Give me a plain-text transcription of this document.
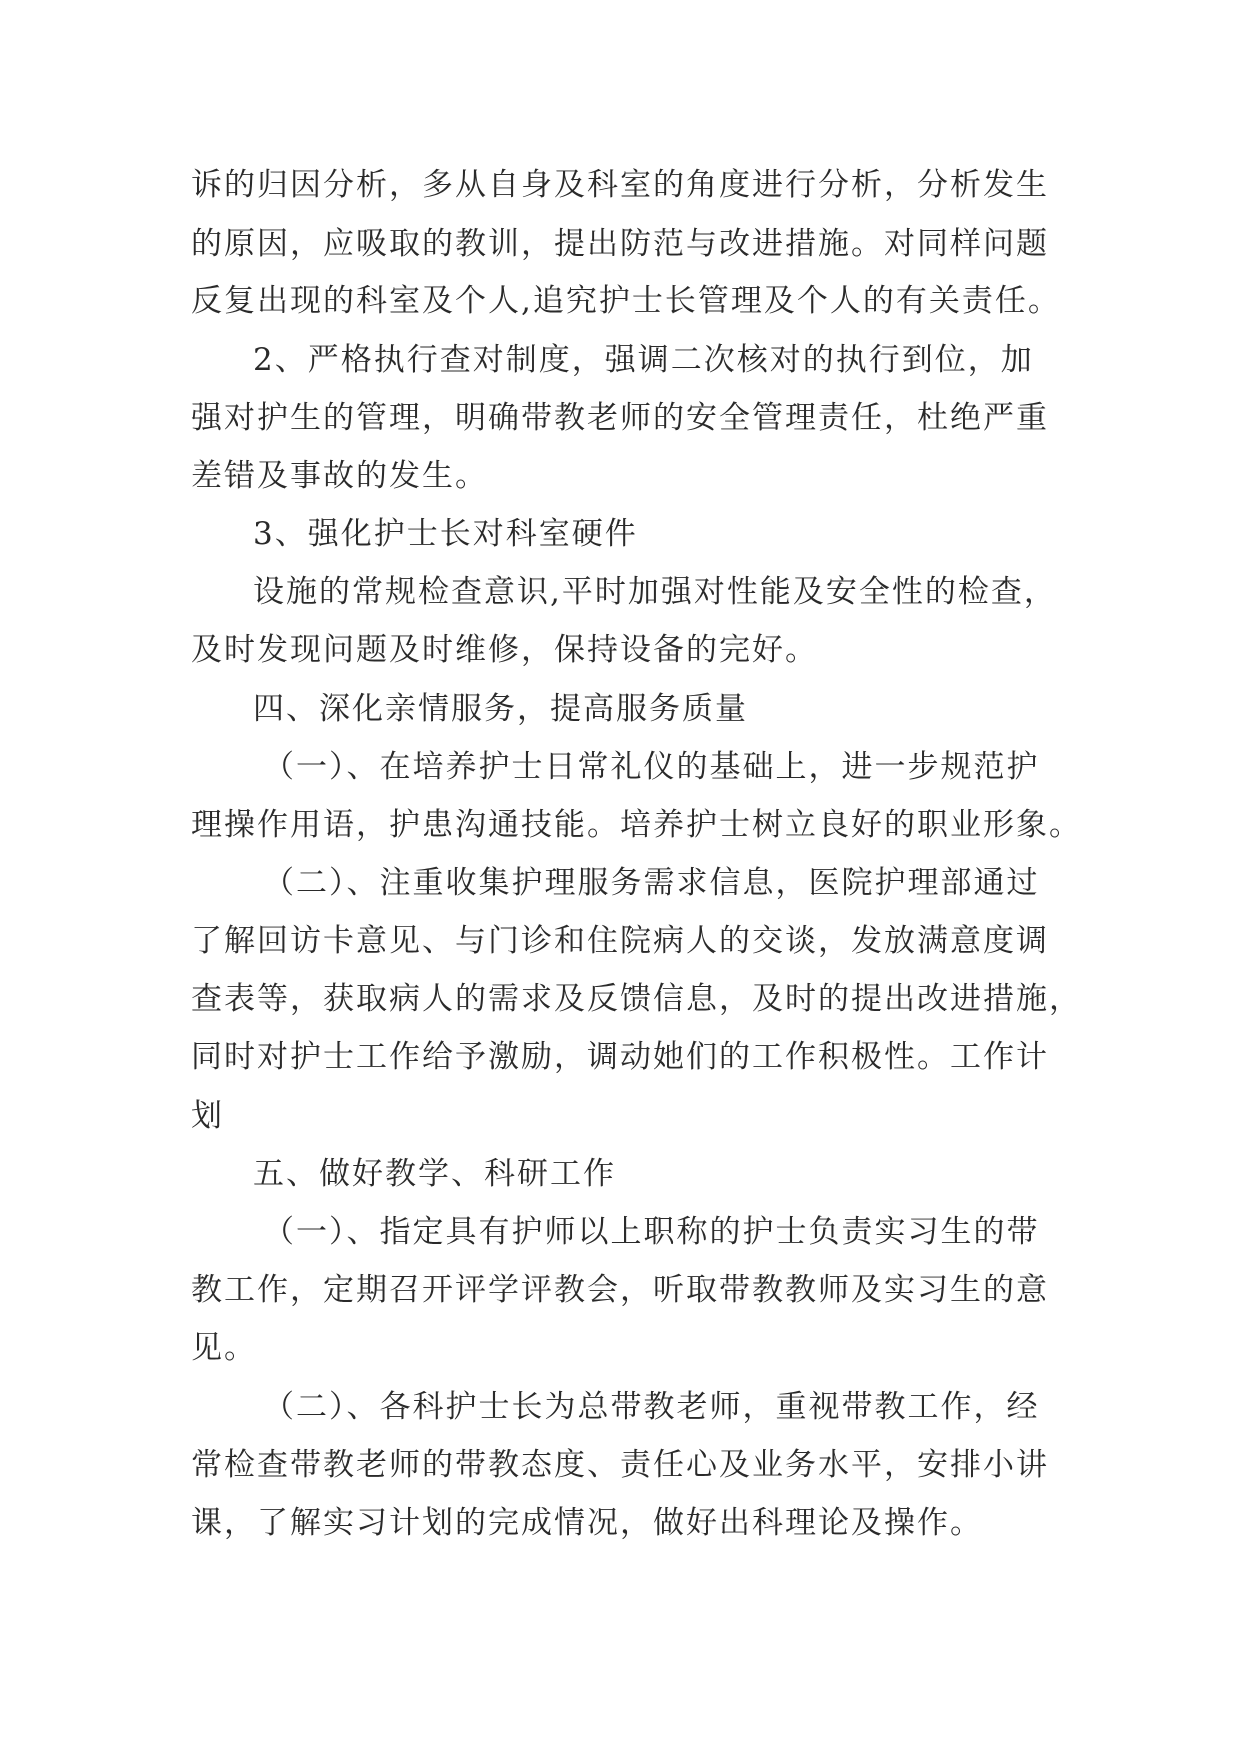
诉的归因分析，多从自身及科室的角度进行分析，分析发生

的原因，应吸取的教训，提出防范与改进措施。对同样问题

反复出现的科室及个人,追究护士长管理及个人的有关责任。

2、严格执行查对制度，强调二次核对的执行到位，加

强对护生的管理，明确带教老师的安全管理责任，杜绝严重

差错及事故的发生。

3、强化护士长对科室硬件

设施的常规检查意识,平时加强对性能及安全性的检查，

及时发现问题及时维修，保持设备的完好。

四、深化亲情服务，提高服务质量

（一）、在培养护士日常礼仪的基础上，进一步规范护

理操作用语，护患沟通技能。培养护士树立良好的职业形象。

（二）、注重收集护理服务需求信息，医院护理部通过

了解回访卡意见、与门诊和住院病人的交谈，发放满意度调

查表等，获取病人的需求及反馈信息，及时的提出改进措施，

同时对护士工作给予激励，调动她们的工作积极性。工作计

划

五、做好教学、科研工作

（一）、指定具有护师以上职称的护士负责实习生的带

教工作，定期召开评学评教会，听取带教教师及实习生的意

见。

（二）、各科护士长为总带教老师，重视带教工作，经

常检查带教老师的带教态度、责任心及业务水平，安排小讲

课，了解实习计划的完成情况，做好出科理论及操作。
